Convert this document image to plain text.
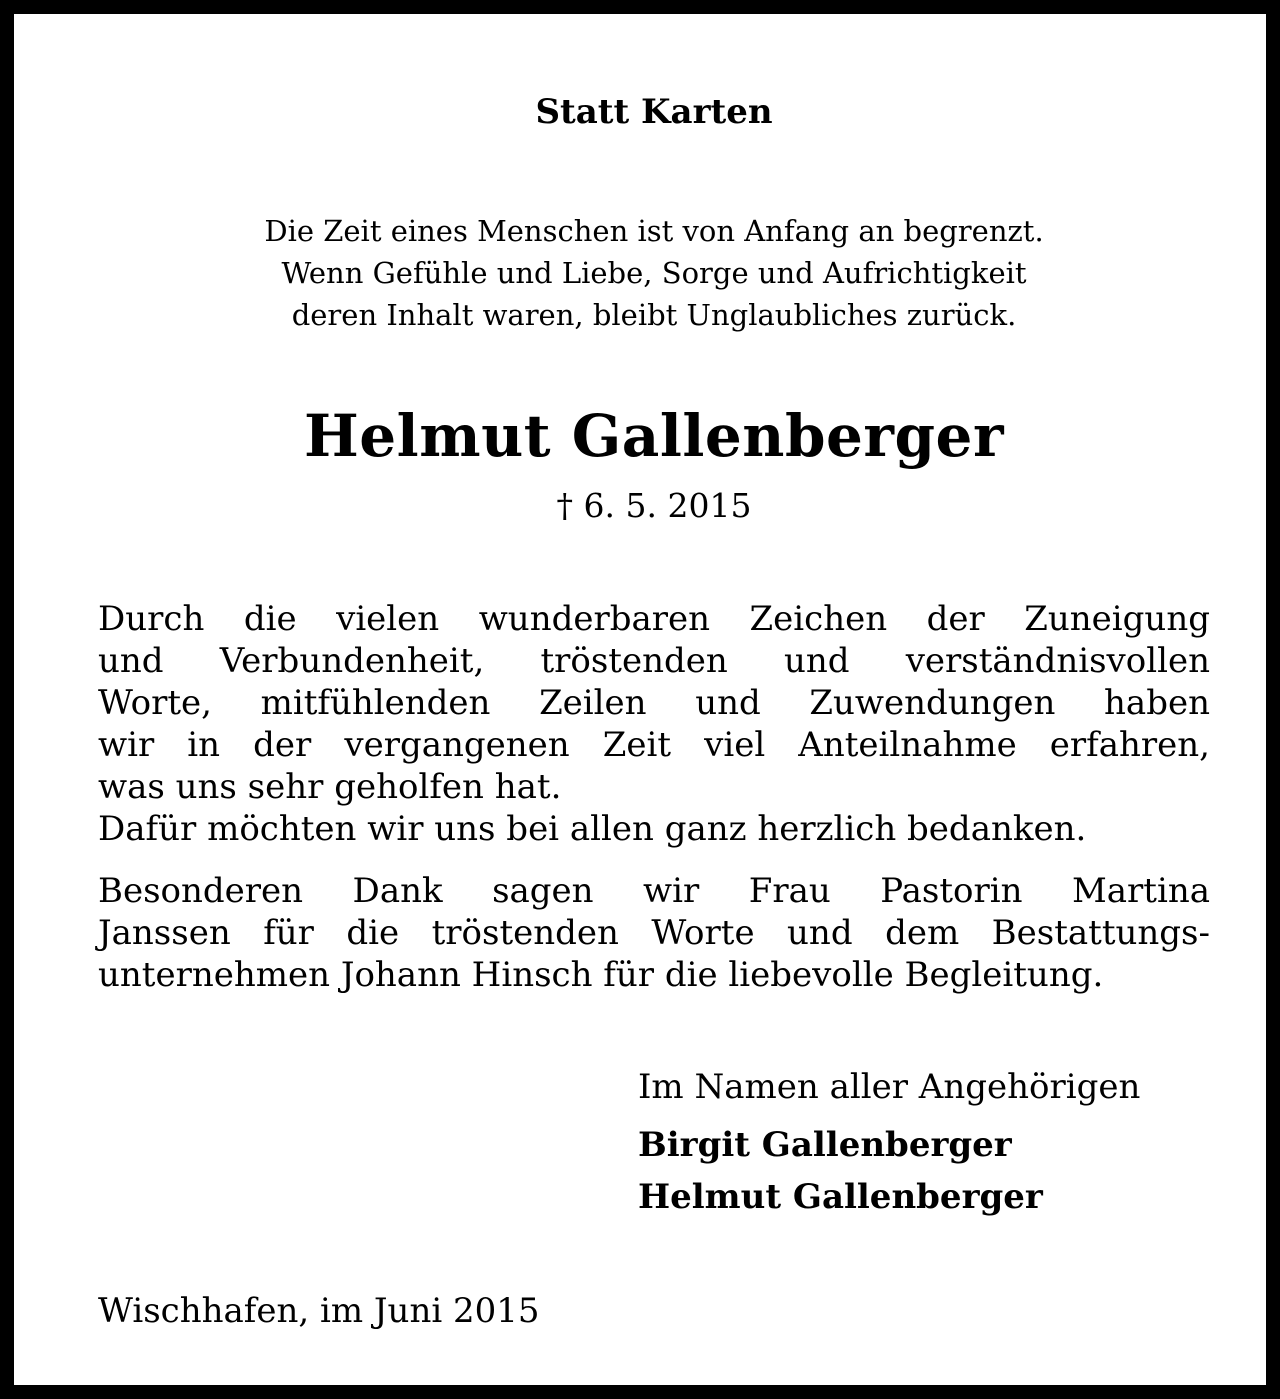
Statt Karten

Die Zeit eines Menschen ist von Anfang an begrenzt.
Wenn Gefühle und Liebe, Sorge und Aufrichtigkeit
deren Inhalt waren, bleibt Unglaubliches zurück.

Helmut Gallenberger

† 6. 5. 2015

Durch die vielen wunderbaren Zeichen der Zuneigung
und Verbundenheit, tröstenden und verständnisvollen
Worte, mitfühlenden Zeilen und Zuwendungen haben
wir in der vergangenen Zeit viel Anteilnahme erfahren,
was uns sehr geholfen hat.
Dafür möchten wir uns bei allen ganz herzlich bedanken.
Besonderen Dank sagen wir Frau Pastorin Martina
Janssen für die tröstenden Worte und dem Bestattungs-
unternehmen Johann Hinsch für die liebevolle Begleitung.

Im Namen aller Angehörigen

Birgit Gallenberger

Helmut Gallenberger

Wischhafen, im Juni 2015
